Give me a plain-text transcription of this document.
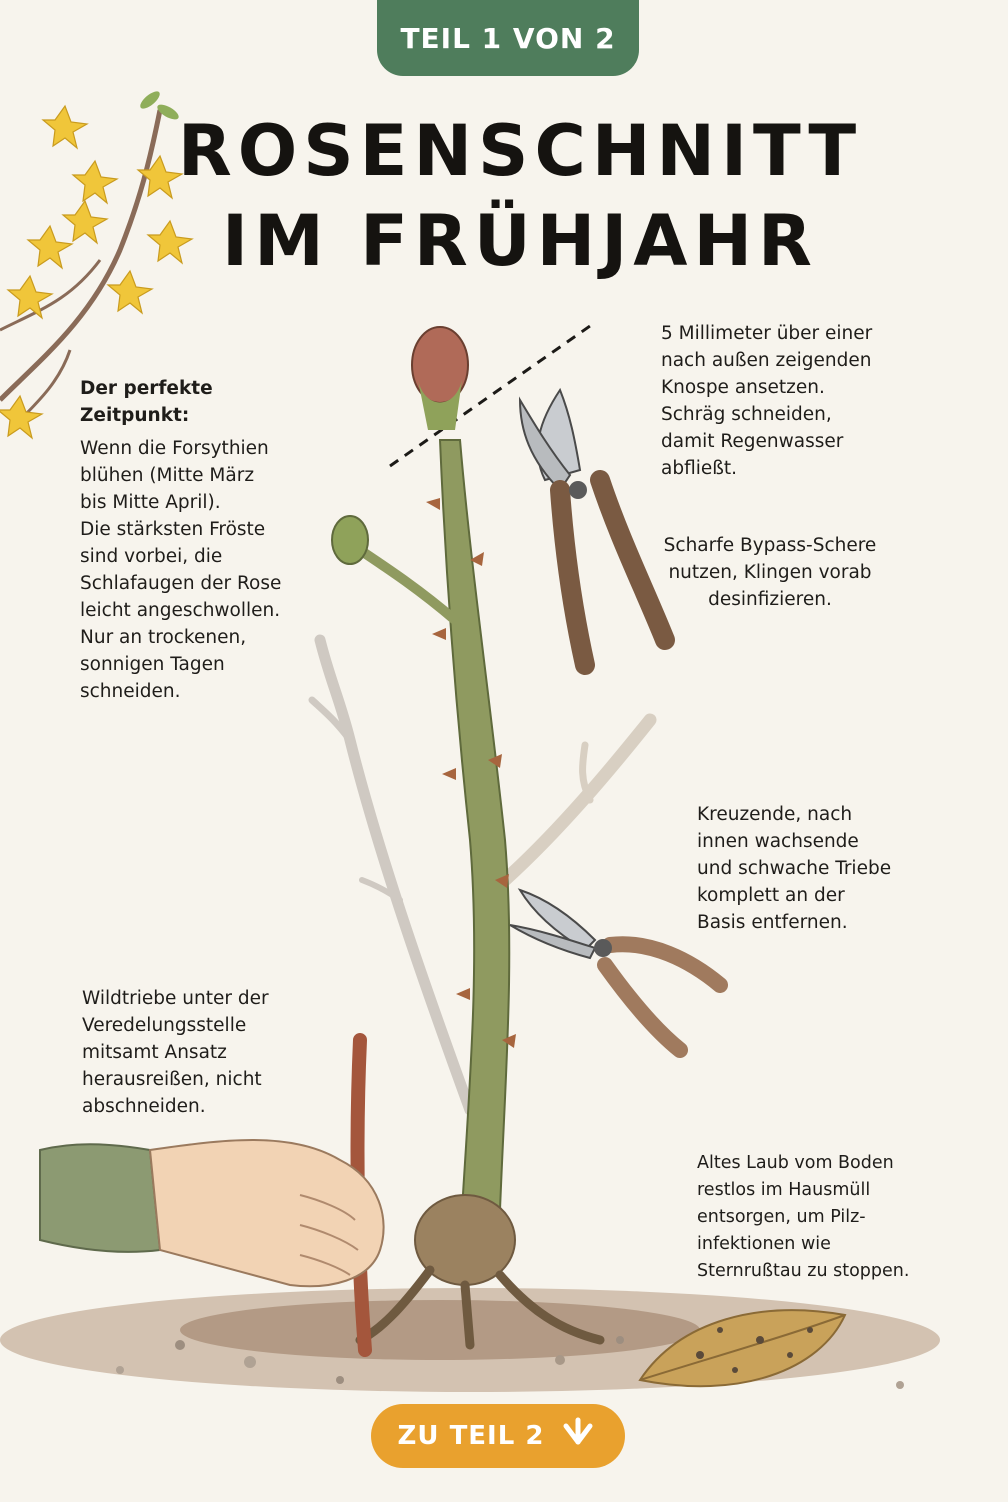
TEIL 1 VON 2
ROSENSCHNITT
IM FRÜHJAHR
Der perfekte
Zeitpunkt:
Wenn die Forsythien
blühen (Mitte März
bis Mitte April).
Die stärksten Fröste
sind vorbei, die
Schlafaugen der Rose
leicht angeschwollen.
Nur an trockenen,
sonnigen Tagen
schneiden.
5 Millimeter über einer
nach außen zeigenden
Knospe ansetzen.
Schräg schneiden,
damit Regenwasser
abfließt.
Scharfe Bypass-Schere
nutzen, Klingen vorab
desinfizieren.
Kreuzende, nach
innen wachsende
und schwache Triebe
komplett an der
Basis entfernen.
Wildtriebe unter der
Veredelungsstelle
mitsamt Ansatz
herausreißen, nicht
abschneiden.
Altes Laub vom Boden
restlos im Hausmüll
entsorgen, um Pilz-
infektionen wie
Sternrußtau zu stoppen.
ZU TEIL 2
